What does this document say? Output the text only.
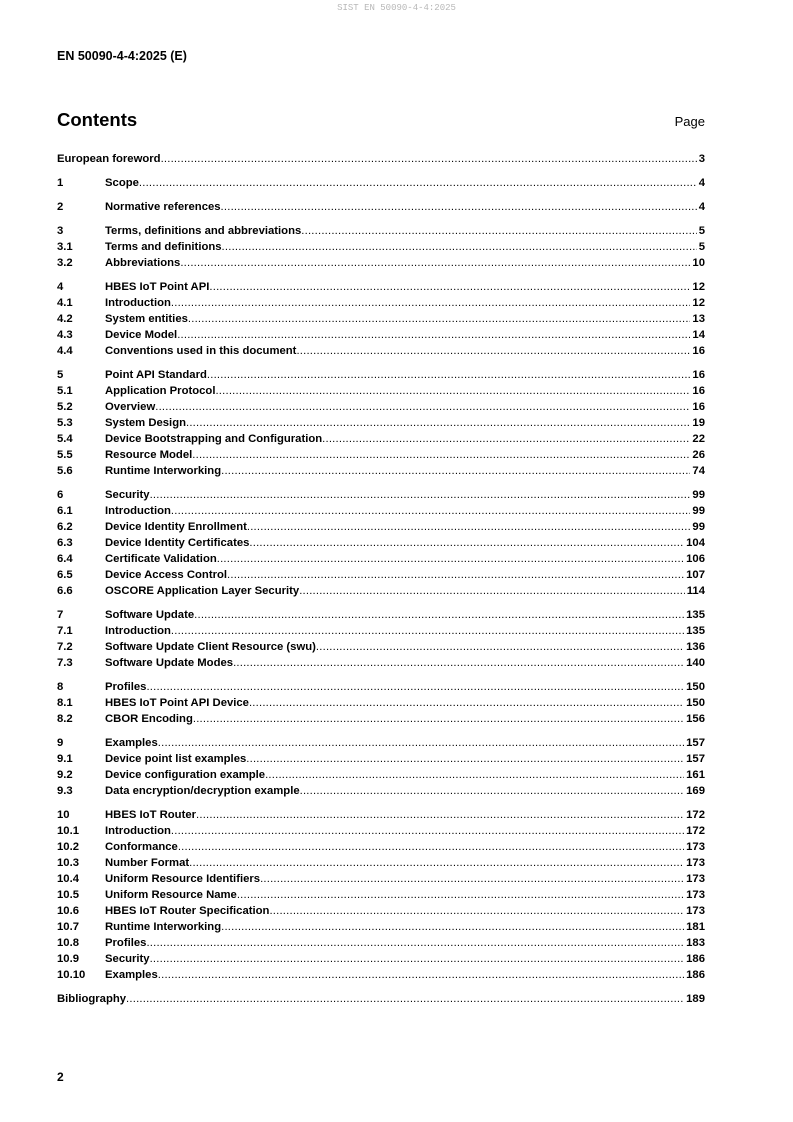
SIST EN 50090-4-4:2025
EN 50090-4-4:2025 (E)
Contents	Page
European foreword .....	3
1	Scope .....	4
2	Normative references .....	4
3	Terms, definitions and abbreviations .....	5
3.1	Terms and definitions .....	5
3.2	Abbreviations .....	10
4	HBES IoT Point API .....	12
4.1	Introduction .....	12
4.2	System entities .....	13
4.3	Device Model .....	14
4.4	Conventions used in this document .....	16
5	Point API Standard .....	16
5.1	Application Protocol .....	16
5.2	Overview .....	16
5.3	System Design .....	19
5.4	Device Bootstrapping and Configuration .....	22
5.5	Resource Model .....	26
5.6	Runtime Interworking .....	74
6	Security .....	99
6.1	Introduction .....	99
6.2	Device Identity Enrollment .....	99
6.3	Device Identity Certificates .....	104
6.4	Certificate Validation .....	106
6.5	Device Access Control .....	107
6.6	OSCORE Application Layer Security .....	114
7	Software Update .....	135
7.1	Introduction .....	135
7.2	Software Update Client Resource (swu) .....	136
7.3	Software Update Modes .....	140
8	Profiles .....	150
8.1	HBES IoT Point API Device .....	150
8.2	CBOR Encoding .....	156
9	Examples .....	157
9.1	Device point list examples .....	157
9.2	Device configuration example .....	161
9.3	Data encryption/decryption example .....	169
10	HBES IoT Router .....	172
10.1	Introduction .....	172
10.2	Conformance .....	173
10.3	Number Format .....	173
10.4	Uniform Resource Identifiers .....	173
10.5	Uniform Resource Name .....	173
10.6	HBES IoT Router Specification .....	173
10.7	Runtime Interworking .....	181
10.8	Profiles .....	183
10.9	Security .....	186
10.10	Examples .....	186
Bibliography .....	189
2
